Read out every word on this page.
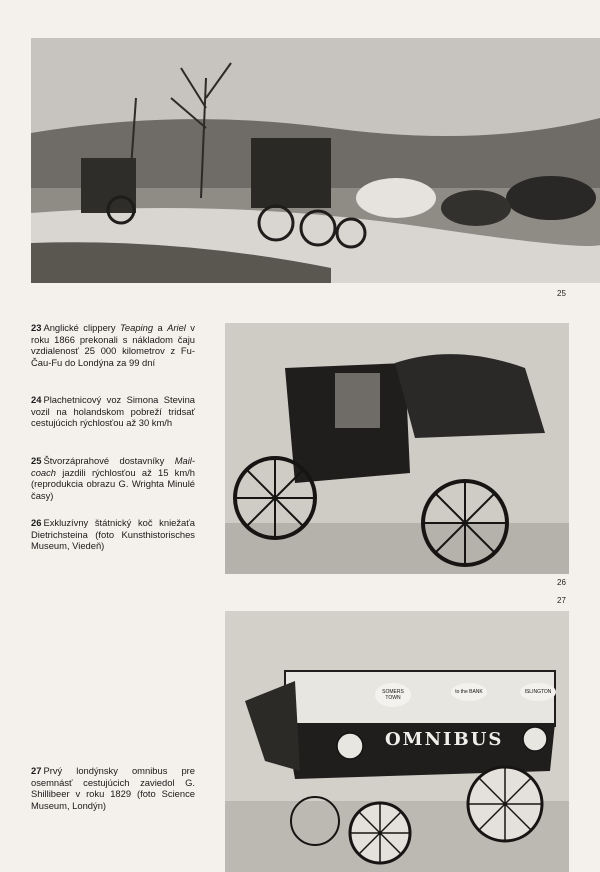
25
26
27
OMNIBUS
SOMERS TOWN
to the BANK	ISLINGTON
23 Anglické clippery Teaping a Ariel v roku 1866 prekonali s nákladom čaju vzdialenosť 25 000 kilometrov z Fu-Čau-Fu do Londýna za 99 dní
24 Plachetnicový voz Simona Stevina vozil na holandskom pobreží tridsať cestujúcich rýchlosťou až 30 km/h
25 Štvorzáprahové dostavníky Mail-coach jazdili rýchlosťou až 15 km/h (reprodukcia obrazu G. Wrighta Minulé časy)
26 Exkluzívny štátnický koč kniežaťa Dietrichsteina (foto Kunsthistorisches Museum, Viedeň)
27 Prvý londýnsky omnibus pre osemnásť cestujúcich zaviedol G. Shillibeer v roku 1829 (foto Science Museum, Londýn)
